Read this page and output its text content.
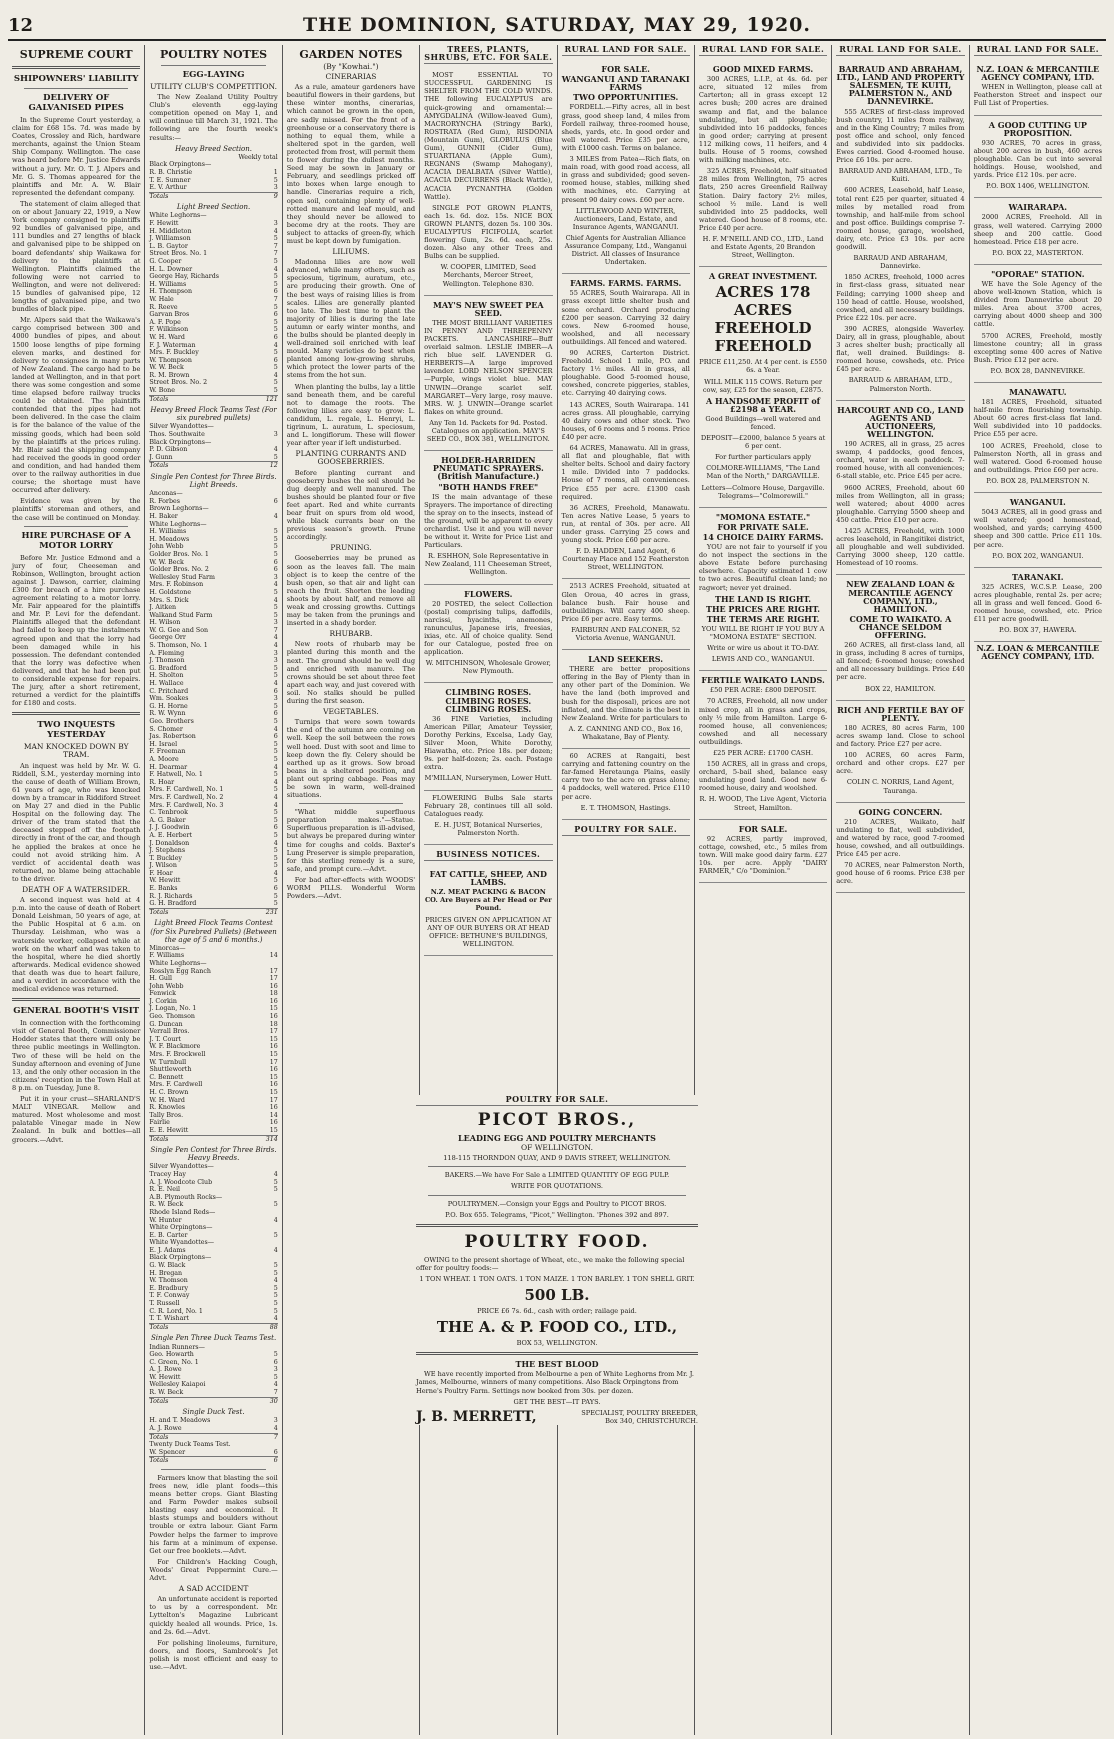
12	THE DOMINION, SATURDAY, MAY 29, 1920.
SUPREME COURT
SHIPOWNERS' LIABILITY
DELIVERY OF GALVANISED PIPES

In the Supreme Court yesterday, a claim for £68 15s. 7d. was made by Coates, Crossley and Rich, hardware merchants, against the Union Steam Ship Company. Wellington. The case was heard before Mr. Justice Edwards without a jury. Mr. O. T. J. Alpers and Mr. G. S. Thomas appeared for the plaintiffs and Mr. A. W. Blair represented the defendant company.

The statement of claim alleged that on or about January 22, 1919, a New York company consigned to plaintiffs 92 bundles of galvanised pipe, and 111 bundles and 27 lengths of black and galvanised pipe to be shipped on board defendants' ship Waikawa for delivery to the plaintiffs at Wellington. Plaintiffs claimed the following were not carried to Wellington, and were not delivered: 15 bundles of galvanised pipe, 12 lengths of galvanised pipe, and two bundles of black pipe.

Mr. Alpers said that the Waikawa's cargo comprised between 300 and 4000 bundles of pipes, and about 1500 loose lengths of pipe forming eleven marks, and destined for delivery to consignees in many parts of New Zealand. The cargo had to be landed at Wellington, and in that port there was some congestion and some time elapsed before railway trucks could be obtained. The plaintiffs contended that the pipes had not been delivered. In the case the claim is for the balance of the value of the missing goods, which had been sold by the plaintiffs at the prices ruling. Mr. Blair said the shipping company had received the goods in good order and condition, and had handed them over to the railway authorities in due course; the shortage must have occurred after delivery.

Evidence was given by the plaintiffs' storeman and others, and the case will be continued on Monday.

HIRE PURCHASE OF A MOTOR LORRY

Before Mr. Justice Edmond and a jury of four, Cheeseman and Robinson, Wellington, brought action against J. Dawson, carrier, claiming £300 for breach of a hire purchase agreement relating to a motor lorry. Mr. Fair appeared for the plaintiffs and Mr. P. Levi for the defendant. Plaintiffs alleged that the defendant had failed to keep up the instalments agreed upon and that the lorry had been damaged while in his possession. The defendant contended that the lorry was defective when delivered, and that he had been put to considerable expense for repairs. The jury, after a short retirement, returned a verdict for the plaintiffs for £180 and costs.

TWO INQUESTS YESTERDAY
MAN KNOCKED DOWN BY TRAM.

An inquest was held by Mr. W. G. Riddell, S.M., yesterday morning into the cause of death of William Brown, 61 years of age, who was knocked down by a tramcar in Riddiford Street on May 27 and died in the Public Hospital on the following day. The driver of the tram stated that the deceased stepped off the footpath directly in front of the car, and though he applied the brakes at once he could not avoid striking him. A verdict of accidental death was returned, no blame being attachable to the driver.

DEATH OF A WATERSIDER.

A second inquest was held at 4 p.m. into the cause of death of Robert Donald Leishman, 50 years of age, at the Public Hospital at 6 a.m. on Thursday. Leishman, who was a waterside worker, collapsed while at work on the wharf and was taken to the hospital, where he died shortly afterwards. Medical evidence showed that death was due to heart failure, and a verdict in accordance with the medical evidence was returned.

GENERAL BOOTH'S VISIT

In connection with the forthcoming visit of General Booth, Commissioner Hodder states that there will only be three public meetings in Wellington. Two of these will be held on the Sunday afternoon and evening of June 13, and the only other occasion in the citizens' reception in the Town Hall at 8 p.m. on Tuesday, June 8.

Put it in your crust—SHARLAND'S MALT VINEGAR. Mellow and matured. Most wholesome and most palatable Vinegar made in New Zealand. In bulk and bottles—all grocers.—Advt.

POULTRY NOTES
EGG-LAYING
UTILITY CLUB'S COMPETITION.

The New Zealand Utility Poultry Club's eleventh egg-laying competition opened on May 1, and will continue till March 31, 1921. The following are the fourth week's results:—

Heavy Breed Section.
Weekly total
Black Orpingtons—
R. B. Christie	1
T. E. Sumner	5
E. V. Arthur	3
Totals	9
Light Breed Section.
White Leghorns—
F. Hewitt	3
H. Middleton	4
J. Williamson	5
L. B. Gaytor	7
Street Bros. No. 1	7
G. Cooper	5
H. L. Downer	4
George Hay, Richards	5
H. Williams	5
H. Thompson	6
W. Hale	7
R. Reeve	5
Garvan Bros	6
A. F. Pope	5
F. Wilkinson	5
W. H. Ward	6
F. J. Waterman	4
Mrs. F. Buckley	5
W. Thompson	6
W. W. Beck	5
R. M. Brown	4
Street Bros. No. 2	5
W. Bone	5
Totals	121
Heavy Breed Flock Teams Test (For six purebred pullets)
Silver Wyandottes—
Thos. Southwaite	3
Black Orpingtons—
P. D. Gibson	4
J. Gunn	5
Totals	12
Single Pen Contest for Three Birds. Light Breeds.
Anconas—
R. Forbes	6
Brown Leghorns—
H. Baker	4
White Leghorns—
H. Williams	5
H. Meadows	5
John Webb	5
Golder Bros. No. 1	5
W. W. Beck	6
Golder Bros. No. 2	6
Wellesley Stud Farm	3
Mrs. F. Robinson	4
H. Goldstone	5
Mrs. S. Dick	4
J. Aitken	5
Walkand Stud Farm	5
H. Wilson	3
W. G. Gee and Son	7
George Orr	4
S. Thomson, No. 1	4
A. Fleming	3
J. Thomson	3
G. Bradford	5
H. Sholton	5
H. Wallace	4
C. Pritchard	6
Wm. Soakes	3
G. H. Horne	5
R. W. Wynn	6
Geo. Brothers	5
S. Chomer	4
Jas. Robertson	6
H. Israel	5
F. Freeman	5
A. Moore	5
H. Dearmar	4
F. Hatwell, No. 1	5
R. Hoar	4
Mrs. F. Cardwell, No. 1	5
Mrs. F. Cardwell, No. 2	4
Mrs. F. Cardwell, No. 3	4
C. Tenbrook	5
A. G. Baker	5
J. J. Goodwin	6
A. E. Herbert	5
J. Donaldson	4
J. Stephens	5
T. Buckley	5
J. Wilson	5
F. Hoar	4
W. Hewitt	5
E. Banks	6
R. J. Richards	5
G. H. Bradford	5
Totals	231
Light Breed Flock Teams Contest (for Six Purebred Pullets) (Between the age of 5 and 6 months.)
Minorcas—
F. Williams	14
White Leghorns—
Rosslyn Egg Ranch	17
H. Gull	17
John Webb	16
Fenwick	18
J. Corkin	16
J. Logan, No. 1	15
Geo. Thomson	16
G. Duncan	18
Verrall Bros.	17
J. T. Court	15
W. F. Blackmore	16
Mrs. F. Brockwell	15
W. Turnbull	17
Shuttleworth	16
C. Bennett	15
Mrs. F. Cardwell	16
H. C. Brown	15
W. H. Ward	17
R. Knowles	16
Tally Bros.	14
Fairlie	16
E. E. Hewitt	15
Totals	314
Single Pen Contest for Three Birds. Heavy Breeds.
Silver Wyandottes—
Tracey Hay	4
A. J. Woodcote Club	5
R. E. Neil	5
A.B. Plymouth Rocks—
R. W. Beck	5
Rhode Island Reds—
W. Hunter	4
White Orpingtons—
E. B. Carter	5
White Wyandottes—
E. J. Adams	4
Black Orpingtons—
G. W. Black	5
H. Bregan	5
W. Thomson	4
E. Bradbury	5
T. F. Conway	5
T. Russell	5
C. R. Lord, No. 1	5
T. T. Wishart	4
Totals	88
Single Pen Three Duck Teams Test.
Indian Runners—
Geo. Howarth	5
C. Green, No. 1	6
A. J. Rowe	3
W. Hewitt	5
Wellesley Kaiapoi	4
R. W. Beck	7
Totals	30
Single Duck Test.
H. and T. Meadows	3
A. J. Rowe	4
Totals	7
Twenty Duck Teams Test.
W. Spencer	6
Totals	6

Farmers know that blasting the soil frees new, idle plant foods—this means better crops. Giant Blasting and Farm Powder makes subsoil blasting easy and economical. It blasts stumps and boulders without trouble or extra labour. Giant Farm Powder helps the farmer to improve his farm at a minimum of expense. Get our free booklets.—Advt.

For Children's Hacking Cough, Woods' Great Peppermint Cure.—Advt.

A SAD ACCIDENT

An unfortunate accident is reported to us by a correspondent. Mr. Lyttelton's Magazine Lubricant quickly healed all wounds. Price, 1s. and 2s. 6d.—Advt.

For polishing linoleums, furniture, doors, and floors, Sambrook's Jet polish is most efficient and easy to use.—Advt.

GARDEN NOTES
(By "Kowhai.")
CINERARIAS

As a rule, amateur gardeners have beautiful flowers in their gardens, but these winter months, cinerarias, which cannot be grown in the open, are sadly missed. For the front of a greenhouse or a conservatory there is nothing to equal them, while a sheltered spot in the garden, well protected from frost, will permit them to flower during the dullest months. Seed may be sown in January or February, and seedlings pricked off into boxes when large enough to handle. Cinerarias require a rich, open soil, containing plenty of well-rotted manure and leaf mould, and they should never be allowed to become dry at the roots. They are subject to attacks of green-fly, which must be kept down by fumigation.

LILIUMS.

Madonna lilies are now well advanced, while many others, such as speciosum, tigrinum, auratum, etc., are producing their growth. One of the best ways of raising lilies is from scales. Lilies are generally planted too late. The best time to plant the majority of lilies is during the late autumn or early winter months, and the bulbs should be planted deeply in well-drained soil enriched with leaf mould. Many varieties do best when planted among low-growing shrubs, which protect the lower parts of the stems from the hot sun.

When planting the bulbs, lay a little sand beneath them, and be careful not to damage the roots. The following lilies are easy to grow: L. candidum, L. regale, L. Henryi, L. tigrinum, L. auratum, L. speciosum, and L. longiflorum. These will flower year after year if left undisturbed.

PLANTING CURRANTS AND GOOSEBERRIES.

Before planting currant and gooseberry bushes the soil should be dug deeply and well manured. The bushes should be planted four or five feet apart. Red and white currants bear fruit on spurs from old wood, while black currants bear on the previous season's growth. Prune accordingly.

PRUNING.

Gooseberries may be pruned as soon as the leaves fall. The main object is to keep the centre of the bush open, so that air and light can reach the fruit. Shorten the leading shoots by about half, and remove all weak and crossing growths. Cuttings may be taken from the prunings and inserted in a shady border.

RHUBARB.

New roots of rhubarb may be planted during this month and the next. The ground should be well dug and enriched with manure. The crowns should be set about three feet apart each way, and just covered with soil. No stalks should be pulled during the first season.

VEGETABLES.

Turnips that were sown towards the end of the autumn are coming on well. Keep the soil between the rows well hoed. Dust with soot and lime to keep down the fly. Celery should be earthed up as it grows. Sow broad beans in a sheltered position, and plant out spring cabbage. Peas may be sown in warm, well-drained situations.

"What middle superfluous preparation makes."—Statue. Superfluous preparation is ill-advised, but always be prepared during winter time for coughs and colds. Baxter's Lung Preserver is simple preparation, for this sterling remedy is a sure, safe, and prompt cure.—Advt.

For bad after-effects with WOODS' WORM PILLS. Wonderful Worm Powders.—Advt.

TREES, PLANTS, SHRUBS, ETC. FOR SALE.

MOST ESSENTIAL TO SUCCESSFUL GARDENING IS SHELTER FROM THE COLD WINDS. THE following EUCALYPTUS are quick-growing and ornamental:— AMYGDALINA (Willow-leaved Gum), MACRORYNCHA (Stringy Bark), ROSTRATA (Red Gum), RISDONIA (Mountain Gum), GLOBULUS (Blue Gum), GUNNII (Cider Gum), STUARTIANA (Apple Gum), REGNANS (Swamp Mahogany), ACACIA DEALBATA (Silver Wattle), ACACIA DECURRENS (Black Wattle), ACACIA PYCNANTHA (Golden Wattle).

SINGLE POT GROWN PLANTS, each 1s. 6d. doz. 15s. NICE BOX GROWN PLANTS, dozen 5s. 100 30s. EUCALYPTUS FICIFOLIA, scarlet flowering Gum, 2s. 6d. each, 25s. dozen. Also any other Trees and Bulbs can be supplied.

W. COOPER, LIMITED, Seed Merchants, Mercer Street, Wellington. Telephone 830.

MAY'S NEW SWEET PEA SEED.

THE MOST BRILLIANT VARIETIES IN PENNY AND THREEPENNY PACKETS. LANCASHIRE—Buff overlaid salmon. LESLIE IMBER—A rich blue self. LAVENDER G. HERBERTS—A large improved lavender. LORD NELSON SPENCER—Purple, wings violet blue. MAY UNWIN—Orange scarlet self. MARGARET—Very large, rosy mauve. MRS. W. J. UNWIN—Orange scarlet flakes on white ground.

Any Ten 1d. Packets for 9d. Posted. Catalogues on application. MAY'S SEED CO., BOX 381, WELLINGTON.

HOLDER-HARRIDEN PNEUMATIC SPRAYERS. (British Manufacture.)
"BOTH HANDS FREE"

IS the main advantage of these Sprayers. The importance of directing the spray on to the insects, instead of the ground, will be apparent to every orchardist. Use it and you will never be without it. Write for Price List and Particulars.

R. ESHHON, Sole Representative in New Zealand, 111 Cheeseman Street, Wellington.

FLOWERS.

20 POSTED, the select Collection (postal) comprising tulips, daffodils, narcissi, hyacinths, anemones, ranunculus, Japanese iris, freesias, ixias, etc. All of choice quality. Send for our Catalogue, posted free on application.

W. MITCHINSON, Wholesale Grower, New Plymouth.

CLIMBING ROSES. CLIMBING ROSES. CLIMBING ROSES.

36 FINE Varieties, including American Pillar, Amateur Teyssier, Dorothy Perkins, Excelsa, Lady Gay, Silver Moon, White Dorothy, Hiawatha, etc. Price 18s. per dozen; 9s. per half-dozen; 2s. each. Postage extra.

M'MILLAN, Nurserymen, Lower Hutt.

FLOWERING Bulbs Sale starts February 28, continues till all sold. Catalogues ready.

E. H. JUST, Botanical Nurseries, Palmerston North.

BUSINESS NOTICES.
FAT CATTLE, SHEEP, AND LAMBS.

N.Z. MEAT PACKING & BACON CO. Are Buyers at Per Head or Per Pound.

PRICES GIVEN ON APPLICATION AT ANY OF OUR BUYERS OR AT HEAD OFFICE: BETHUNE'S BUILDINGS, WELLINGTON.

RURAL LAND FOR SALE.
FOR SALE.
WANGANUI AND TARANAKI FARMS
TWO OPPORTUNITIES.

FORDELL.—Fifty acres, all in best grass, good sheep land, 4 miles from Fordell railway, three-roomed house, sheds, yards, etc. In good order and well watered. Price £35 per acre, with £1000 cash. Terms on balance.

3 MILES from Patea—Rich flats, on main road, with good road access, all in grass and subdivided; good seven-roomed house, stables, milking shed with machines, etc. Carrying at present 90 dairy cows. £60 per acre.

LITTLEWOOD AND WINTER, Auctioneers, Land, Estate, and Insurance Agents, WANGANUI.

Chief Agents for Australian Alliance Assurance Company, Ltd., Wanganui District. All classes of Insurance Undertaken.

FARMS. FARMS. FARMS.

55 ACRES, South Wairarapa. All in grass except little shelter bush and some orchard. Orchard producing £200 per season. Carrying 32 dairy cows. New 6-roomed house, woolshed, and all necessary outbuildings. All fenced and watered.

90 ACRES, Carterton District. Freehold. School 1 mile, P.O. and factory 1½ miles. All in grass, all ploughable. Good 5-roomed house, cowshed, concrete piggeries, stables, etc. Carrying 40 dairying cows.

143 ACRES, South Wairarapa. 141 acres grass. All ploughable, carrying 40 dairy cows and other stock. Two houses, of 6 rooms and 5 rooms. Price £40 per acre.

64 ACRES, Manawatu. All in grass, all flat and ploughable, flat with shelter belts. School and dairy factory 1 mile. Divided into 7 paddocks. House of 7 rooms, all conveniences. Price £55 per acre. £1300 cash required.

36 ACRES, Freehold, Manawatu. Ten acres Native Lease, 5 years to run, at rental of 30s. per acre. All under grass. Carrying 25 cows and young stock. Price £60 per acre.

F. D. HADDEN, Land Agent, 6 Courtenay Place and 152 Featherston Street, WELLINGTON.

2513 ACRES Freehold, situated at Glen Oroua, 40 acres in grass, balance bush. Fair house and outbuildings. Will carry 400 sheep. Price £6 per acre. Easy terms.

FAIRBURN AND FALCONER, 52 Victoria Avenue, WANGANUI.

LAND SEEKERS.

THERE are better propositions offering in the Bay of Plenty than in any other part of the Dominion. We have the land (both improved and bush for the disposal), prices are not inflated, and the climate is the best in New Zealand. Write for particulars to

A. Z. CANNING AND CO., Box 16, Whakatane, Bay of Plenty.

60 ACRES at Rangaiti, best carrying and fattening country on the far-famed Heretaunga Plains, easily carry two to the acre on grass alone; 4 paddocks, well watered. Price £110 per acre.

E. T. THOMSON, Hastings.

POULTRY FOR SALE.
RURAL LAND FOR SALE.
GOOD MIXED FARMS.

300 ACRES, L.I.P., at 4s. 6d. per acre, situated 12 miles from Carterton; all in grass except 12 acres bush; 200 acres are drained swamp and flat, and the balance undulating, but all ploughable; subdivided into 16 paddocks, fences in good order; carrying at present 112 milking cows, 11 heifers, and 4 bulls. House of 5 rooms, cowshed with milking machines, etc.

325 ACRES, Freehold, half situated 28 miles from Wellington, 75 acres flats, 250 acres Greenfield Railway Station. Dairy factory 2½ miles, school ½ mile. Land is well subdivided into 25 paddocks, well watered. Good house of 8 rooms, etc. Price £40 per acre.

H. F. M'NEILL AND CO., LTD., Land and Estate Agents, 20 Brandon Street, Wellington.

A GREAT INVESTMENT.
ACRES 178 ACRES FREEHOLD FREEHOLD

PRICE £11,250. At 4 per cent. is £550 6s. a Year.

WILL MILK 115 COWS. Return per cow, say, £25 for the season, £2875.

A HANDSOME PROFIT of £2198 a YEAR.

Good Buildings—well watered and fenced.

DEPOSIT—£2000, balance 5 years at 6 per cent.

For further particulars apply

COLMORE-WILLIAMS, "The Land Man of the North," DARGAVILLE.

Letters—Colmore House, Dargaville. Telegrams—"Colmorewill."

"MOMONA ESTATE."
FOR PRIVATE SALE.
14 CHOICE DAIRY FARMS.

YOU are not fair to yourself if you do not inspect the sections in the above Estate before purchasing elsewhere. Capacity estimated 1 cow to two acres. Beautiful clean land; no ragwort; never yet drained.

THE LAND IS RIGHT.
THE PRICES ARE RIGHT.
THE TERMS ARE RIGHT.

YOU WILL BE RIGHT IF YOU BUY A "MOMONA ESTATE" SECTION.

Write or wire us about it TO-DAY.

LEWIS AND CO., WANGANUI.

FERTILE WAIKATO LANDS.

£50 PER ACRE: £800 DEPOSIT.

70 ACRES, Freehold, all now under mixed crop, all in grass and crops, only ½ mile from Hamilton. Large 6-roomed house, all conveniences; cowshed and all necessary outbuildings.

£25 PER ACRE: £1700 CASH.

150 ACRES, all in grass and crops, orchard, 5-bail shed, balance easy undulating good land. Good new 6-roomed house, dairy and woolshed.

R. H. WOOD, The Live Agent, Victoria Street, Hamilton.

FOR SALE.

92 ACRES, partly improved, cottage, cowshed, etc., 5 miles from town. Will make good dairy farm. £27 10s. per acre. Apply "DAIRY FARMER," C/o "Dominion."

RURAL LAND FOR SALE.
BARRAUD AND ABRAHAM, LTD., LAND AND PROPERTY SALESMEN, TE KUITI, PALMERSTON N., AND DANNEVIRKE.

555 ACRES of first-class improved bush country, 11 miles from railway, and in the King Country; 7 miles from post office and school, only fenced and subdivided into six paddocks. Ewes carried. Good 4-roomed house. Price £6 10s. per acre.

BARRAUD AND ABRAHAM, LTD., Te Kuiti.

600 ACRES, Leasehold, half Lease, total rent £25 per quarter, situated 4 miles by metalled road from township, and half-mile from school and post office. Buildings comprise 7-roomed house, garage, woolshed, dairy, etc. Price £3 10s. per acre goodwill.

BARRAUD AND ABRAHAM, Dannevirke.

1850 ACRES, freehold, 1000 acres in first-class grass, situated near Feilding; carrying 1000 sheep and 150 head of cattle. House, woolshed, cowshed, and all necessary buildings. Price £22 10s. per acre.

390 ACRES, alongside Waverley. Dairy, all in grass, ploughable, about 3 acres shelter bush; practically all flat, well drained. Buildings: 8-roomed house, cowsheds, etc. Price £45 per acre.

BARRAUD & ABRAHAM, LTD., Palmerston North.

HARCOURT AND CO., LAND AGENTS AND AUCTIONEERS, WELLINGTON.

190 ACRES, all in grass, 25 acres swamp, 4 paddocks, good fences, orchard, water in each paddock. 7-roomed house, with all conveniences; 6-stall stable, etc. Price £45 per acre.

9600 ACRES, Freehold, about 60 miles from Wellington, all in grass; well watered; about 4000 acres ploughable. Carrying 5500 sheep and 450 cattle. Price £10 per acre.

1425 ACRES, Freehold, with 1000 acres leasehold, in Rangitikei district, all ploughable and well subdivided. Carrying 3000 sheep, 120 cattle. Homestead of 10 rooms.

NEW ZEALAND LOAN & MERCANTILE AGENCY COMPANY, LTD., HAMILTON.
COME TO WAIKATO. A CHANCE SELDOM OFFERING.

260 ACRES, all first-class land, all in grass, including 8 acres of turnips, all fenced; 6-roomed house; cowshed and all necessary buildings. Price £40 per acre.

BOX 22, HAMILTON.

RICH AND FERTILE BAY OF PLENTY.

180 ACRES, 80 acres Farm, 100 acres swamp land. Close to school and factory. Price £27 per acre.

100 ACRES, 60 acres Farm, orchard and other crops. £27 per acre.

COLIN C. NORRIS, Land Agent, Tauranga.

GOING CONCERN.

210 ACRES, Waikato, half undulating to flat, well subdivided, and watered by race, good 7-roomed house, cowshed, and all outbuildings. Price £45 per acre.

70 ACRES, near Palmerston North, good house of 6 rooms. Price £38 per acre.

RURAL LAND FOR SALE.
N.Z. LOAN & MERCANTILE AGENCY COMPANY, LTD.

WHEN in Wellington, please call at Featherston Street and inspect our Full List of Properties.

A GOOD CUTTING UP PROPOSITION.

930 ACRES, 70 acres in grass, about 200 acres in bush, 460 acres ploughable. Can be cut into several holdings. House, woolshed, and yards. Price £12 10s. per acre.

P.O. BOX 1406, WELLINGTON.

WAIRARAPA.

2000 ACRES, Freehold. All in grass, well watered. Carrying 2000 sheep and 200 cattle. Good homestead. Price £18 per acre.

P.O. BOX 22, MASTERTON.

"OPORAE" STATION.

WE have the Sole Agency of the above well-known Station, which is divided from Dannevirke about 20 miles. Area about 3700 acres, carrying about 4000 sheep and 300 cattle.

5700 ACRES, Freehold, mostly limestone country; all in grass excepting some 400 acres of Native Bush. Price £12 per acre.

P.O. BOX 28, DANNEVIRKE.

MANAWATU.

181 ACRES, Freehold, situated half-mile from flourishing township. About 60 acres first-class flat land. Well subdivided into 10 paddocks. Price £55 per acre.

100 ACRES, Freehold, close to Palmerston North, all in grass and well watered. Good 6-roomed house and outbuildings. Price £60 per acre.

P.O. BOX 28, PALMERSTON N.

WANGANUI.

5043 ACRES, all in good grass and well watered; good homestead, woolshed, and yards; carrying 4500 sheep and 300 cattle. Price £11 10s. per acre.

P.O. BOX 202, WANGANUI.

TARANAKI.

325 ACRES, W.C.S.P. Lease, 200 acres ploughable, rental 2s. per acre; all in grass and well fenced. Good 6-roomed house, cowshed, etc. Price £11 per acre goodwill.

P.O. BOX 37, HAWERA.

N.Z. LOAN & MERCANTILE AGENCY COMPANY, LTD.
POULTRY FOR SALE.
PICOT BROS.,
LEADING EGG AND POULTRY MERCHANTS
OF WELLINGTON.

118-115 THORNDON QUAY, AND 9 DAVIS STREET, WELLINGTON.

BAKERS.—We have For Sale a LIMITED QUANTITY OF EGG PULP.

WRITE FOR QUOTATIONS.

POULTRYMEN.—Consign your Eggs and Poultry to PICOT BROS.

P.O. Box 655. Telegrams, "Picot," Wellington. 'Phones 392 and 897.

POULTRY FOOD.

OWING to the present shortage of Wheat, etc., we make the following special offer for poultry foods:—

1 TON WHEAT. 1 TON OATS. 1 TON MAIZE. 1 TON BARLEY. 1 TON SHELL GRIT.

500 LB.

PRICE £6 7s. 6d., cash with order; railage paid.

THE A. & P. FOOD CO., LTD.,

BOX 53, WELLINGTON.

THE BEST BLOOD

WE have recently imported from Melbourne a pen of White Leghorns from Mr. J. James, Melbourne, winners of many competitions. Also Black Orpingtons from Herne's Poultry Farm. Settings now booked from 30s. per dozen.

GET THE BEST—IT PAYS.

J. B. MERRETT,	SPECIALIST, POULTRY BREEDER,
Box 340, CHRISTCHURCH.
